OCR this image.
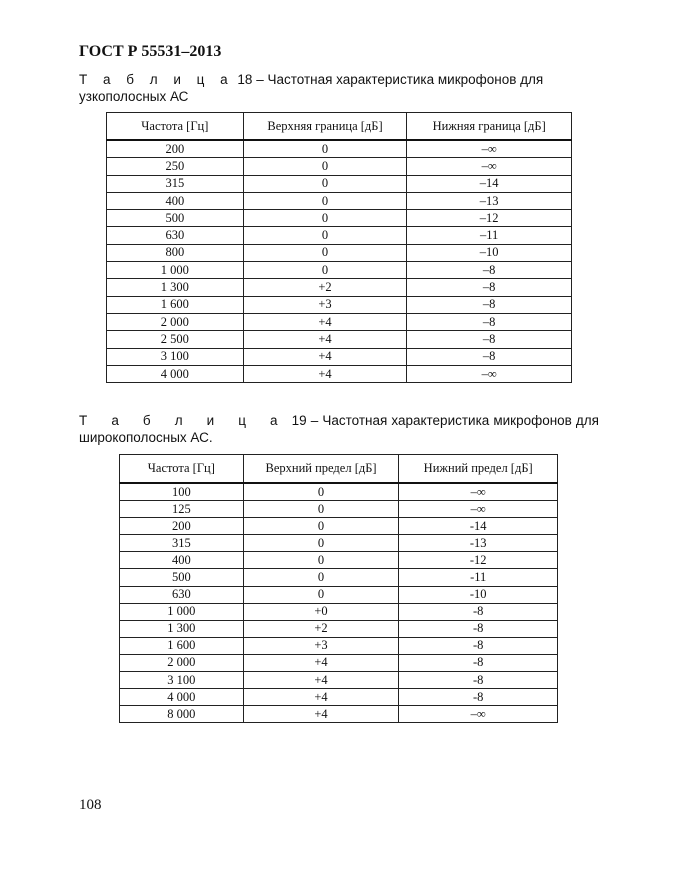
ГОСТ Р 55531–2013
Т а б л и ц а 18 – Частотная характеристика микрофонов для узкополосных АС
Частота [Гц]	Верхняя граница [дБ]	Нижняя граница [дБ]
200	0	–∞
250	0	–∞
315	0	–14
400	0	–13
500	0	–12
630	0	–11
800	0	–10
1 000	0	–8
1 300	+2	–8
1 600	+3	–8
2 000	+4	–8
2 500	+4	–8
3 100	+4	–8
4 000	+4	–∞
Т а б л и ц а 19 – Частотная характеристика микрофонов для широкополосных АС.
Частота [Гц]	Верхний предел [дБ]	Нижний предел [дБ]
100	0	–∞
125	0	–∞
200	0	-14
315	0	-13
400	0	-12
500	0	-11
630	0	-10
1 000	+0	-8
1 300	+2	-8
1 600	+3	-8
2 000	+4	-8
3 100	+4	-8
4 000	+4	-8
8 000	+4	–∞
108
